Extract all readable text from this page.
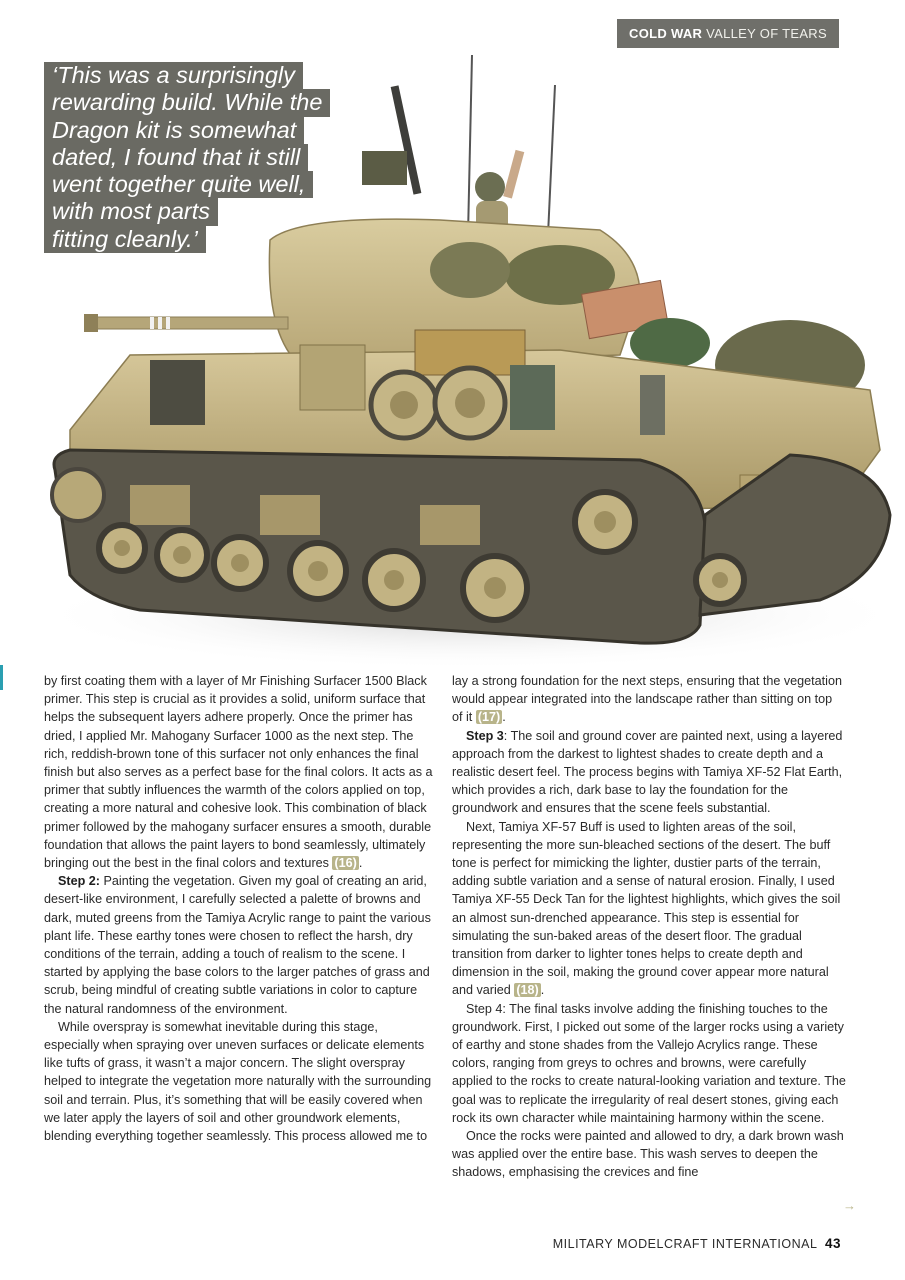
COLD WAR VALLEY OF TEARS
‘This was a surprisingly
rewarding build. While the
Dragon kit is somewhat
dated, I found that it still
went together quite well,
with most parts
fitting cleanly.’

by first coating them with a layer of Mr Finishing Surfacer 1500 Black primer. This step is crucial as it provides a solid, uniform surface that helps the subsequent layers adhere properly. Once the primer has dried, I applied Mr. Mahogany Surfacer 1000 as the next step. The rich, reddish-brown tone of this surfacer not only enhances the final finish but also serves as a perfect base for the final colors. It acts as a primer that subtly influences the warmth of the colors applied on top, creating a more natural and cohesive look. This combination of black primer followed by the mahogany surfacer ensures a smooth, durable foundation that allows the paint layers to bond seamlessly, ultimately bringing out the best in the final colors and textures (16) .

Step 2: Painting the vegetation. Given my goal of creating an arid, desert-like environment, I carefully selected a palette of browns and dark, muted greens from the Tamiya Acrylic range to paint the various plant life. These earthy tones were chosen to reflect the harsh, dry conditions of the terrain, adding a touch of realism to the scene. I started by applying the base colors to the larger patches of grass and scrub, being mindful of creating subtle variations in color to capture the natural randomness of the environment.

While overspray is somewhat inevitable during this stage, especially when spraying over uneven surfaces or delicate elements like tufts of grass, it wasn’t a major concern. The slight overspray helped to integrate the vegetation more naturally with the surrounding soil and terrain. Plus, it’s something that will be easily covered when we later apply the layers of soil and other groundwork elements, blending everything together seamlessly. This process allowed me to

lay a strong foundation for the next steps, ensuring that the vegetation would appear integrated into the landscape rather than sitting on top of it (17) .

Step 3: The soil and ground cover are painted next, using a layered approach from the darkest to lightest shades to create depth and a realistic desert feel. The process begins with Tamiya XF-52 Flat Earth, which provides a rich, dark base to lay the foundation for the groundwork and ensures that the scene feels substantial.

Next, Tamiya XF-57 Buff is used to lighten areas of the soil, representing the more sun-bleached sections of the desert. The buff tone is perfect for mimicking the lighter, dustier parts of the terrain, adding subtle variation and a sense of natural erosion. Finally, I used Tamiya XF-55 Deck Tan for the lightest highlights, which gives the soil an almost sun-drenched appearance. This step is essential for simulating the sun-baked areas of the desert floor. The gradual transition from darker to lighter tones helps to create depth and dimension in the soil, making the ground cover appear more natural and varied (18) .

Step 4: The final tasks involve adding the finishing touches to the groundwork. First, I picked out some of the larger rocks using a variety of earthy and stone shades from the Vallejo Acrylics range. These colors, ranging from greys to ochres and browns, were carefully applied to the rocks to create natural-looking variation and texture. The goal was to replicate the irregularity of real desert stones, giving each rock its own character while maintaining harmony within the scene.

Once the rocks were painted and allowed to dry, a dark brown wash was applied over the entire base. This wash serves to deepen the shadows, emphasising the crevices and fine

→
MILITARY MODELCRAFT INTERNATIONAL 43
